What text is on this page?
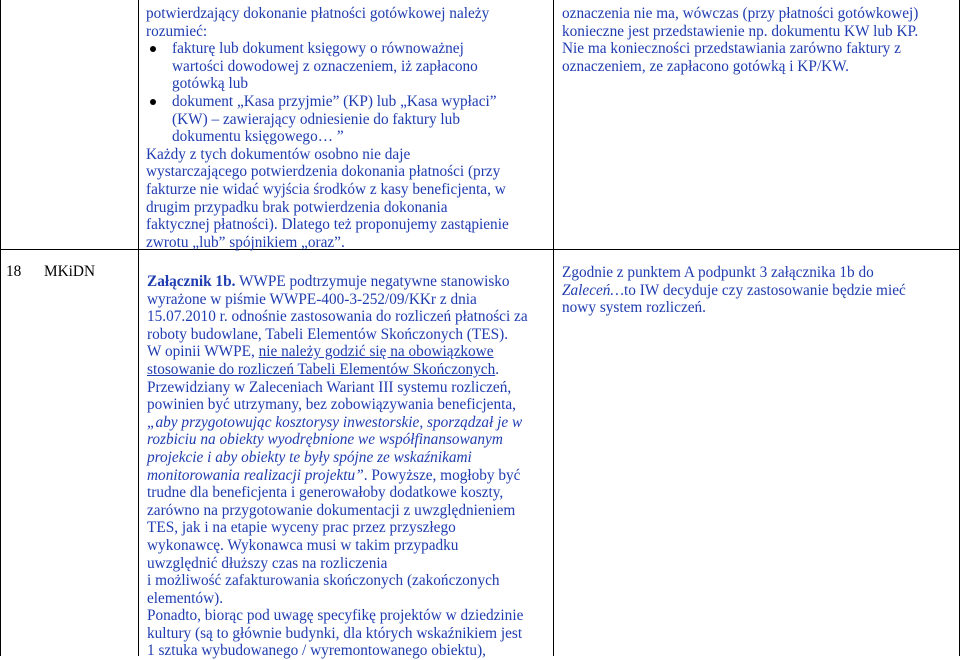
potwierdzający dokonanie płatności gotówkowej należy
rozumieć:
fakturę lub dokument księgowy o równoważnej
wartości dowodowej z oznaczeniem, iż zapłacono
gotówką lub
dokument „Kasa przyjmie” (KP) lub „Kasa wypłaci”
(KW) – zawierający odniesienie do faktury lub
dokumentu księgowego… ”
Każdy z tych dokumentów osobno nie daje
wystarczającego potwierdzenia dokonania płatności (przy
fakturze nie widać wyjścia środków z kasy beneficjenta, w
drugim przypadku brak potwierdzenia dokonania
faktycznej płatności). Dlatego też proponujemy zastąpienie
zwrotu „lub” spójnikiem „oraz”.
oznaczenia nie ma, wówczas (przy płatności gotówkowej)
konieczne jest przedstawienie np. dokumentu KW lub KP.
Nie ma konieczności przedstawiania zarówno faktury z
oznaczeniem, ze zapłacono gotówką i KP/KW.
18 MKiDN
Załącznik 1b. WWPE podtrzymuje negatywne stanowisko
wyrażone w piśmie WWPE-400-3-252/09/KKr z dnia
15.07.2010 r. odnośnie zastosowania do rozliczeń płatności za
roboty budowlane, Tabeli Elementów Skończonych (TES).
W opinii WWPE, nie należy godzić się na obowiązkowe
stosowanie do rozliczeń Tabeli Elementów Skończonych.
Przewidziany w Zaleceniach Wariant III systemu rozliczeń,
powinien być utrzymany, bez zobowiązywania beneficjenta,
„aby przygotowując kosztorysy inwestorskie, sporządzał je w
rozbiciu na obiekty wyodrębnione we współfinansowanym
projekcie i aby obiekty te były spójne ze wskaźnikami
monitorowania realizacji projektu”. Powyższe, mogłoby być
trudne dla beneficjenta i generowałoby dodatkowe koszty,
zarówno na przygotowanie dokumentacji z uwzględnieniem
TES, jak i na etapie wyceny prac przez przyszłego
wykonawcę. Wykonawca musi w takim przypadku
uwzględnić dłuższy czas na rozliczenia
i możliwość zafakturowania skończonych (zakończonych
elementów).
Ponadto, biorąc pod uwagę specyfikę projektów w dziedzinie
kultury (są to głównie budynki, dla których wskaźnikiem jest
1 sztuka wybudowanego / wyremontowanego obiektu),
Zgodnie z punktem A podpunkt 3 załącznika 1b do
Zaleceń…to IW decyduje czy zastosowanie będzie mieć
nowy system rozliczeń.
